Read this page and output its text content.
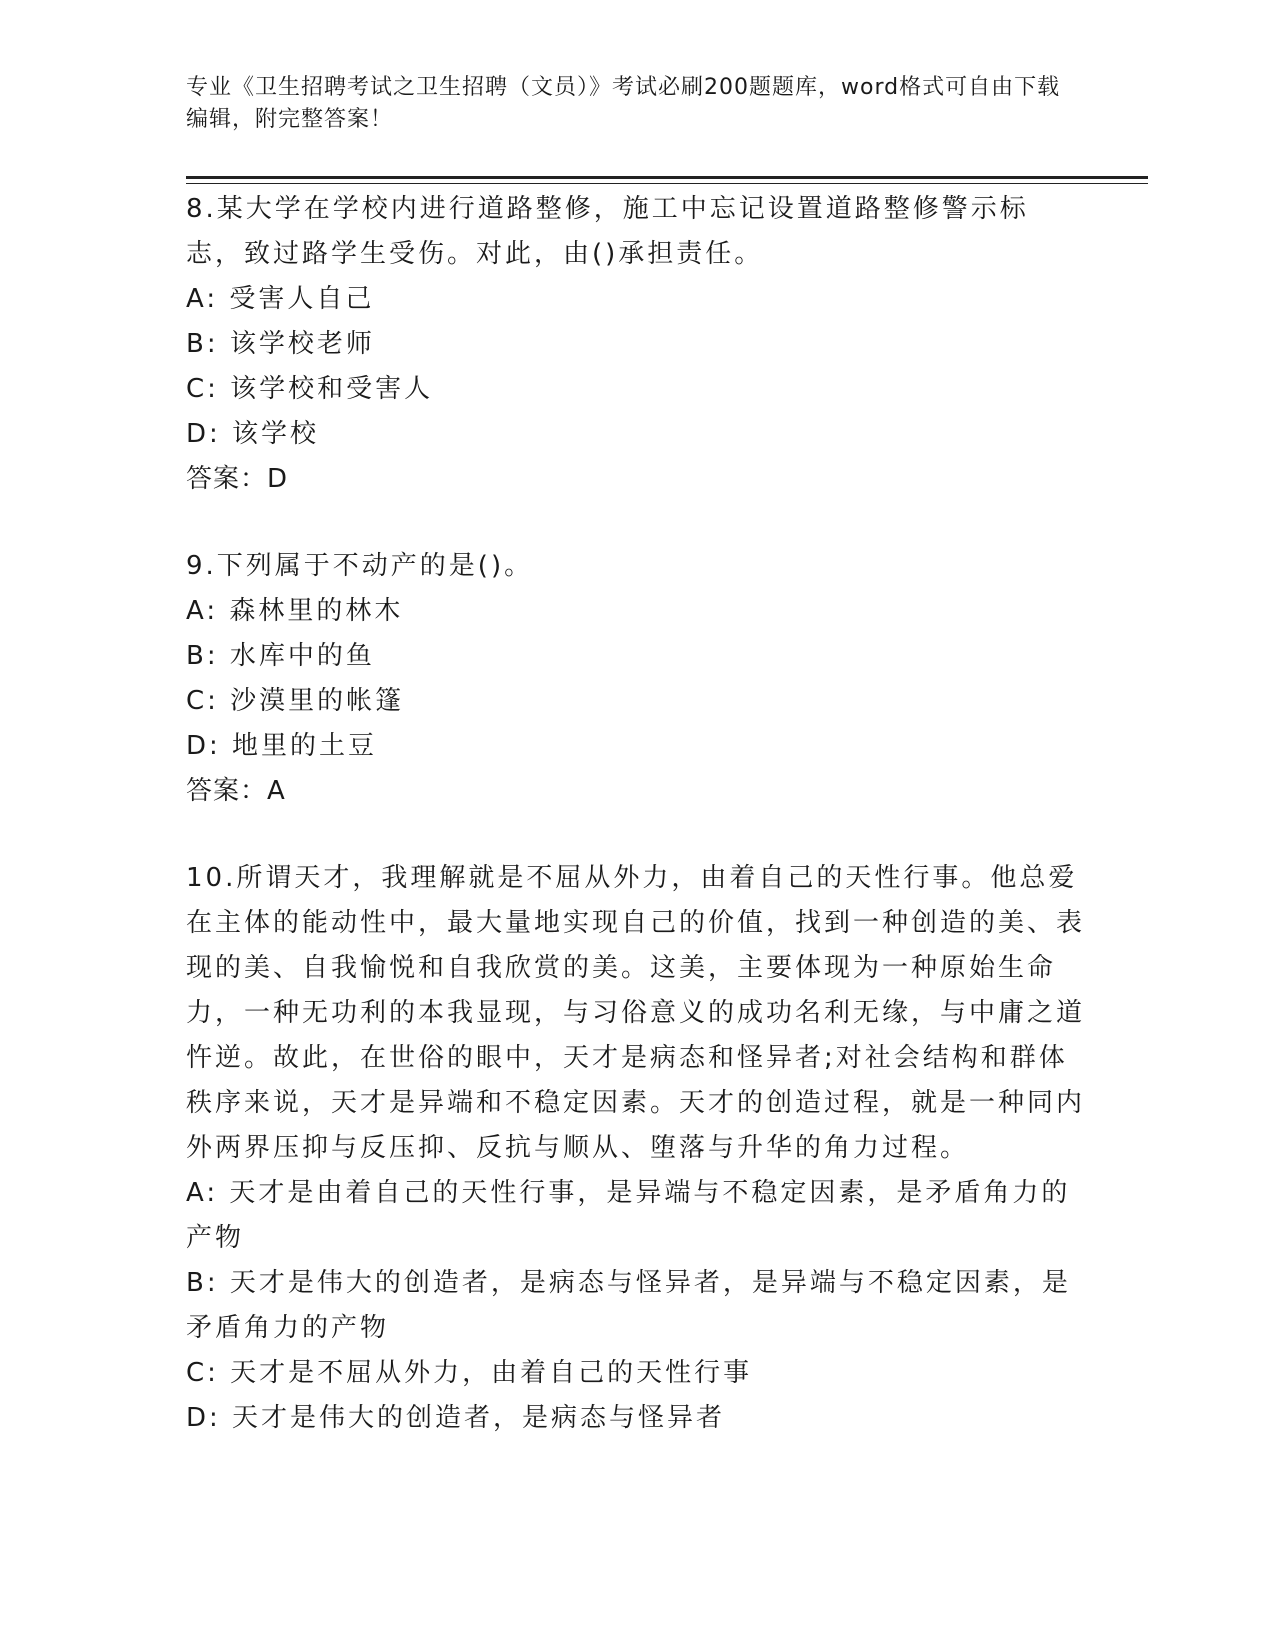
专业《卫生招聘考试之卫生招聘（文员）》考试必刷200题题库，word格式可自由下载编辑，附完整答案！

8.某大学在学校内进行道路整修，施工中忘记设置道路整修警示标志，致过路学生受伤。对此，由()承担责任。

A: 受害人自己

B: 该学校老师

C: 该学校和受害人

D: 该学校

答案：D

9.下列属于不动产的是()。

A: 森林里的林木

B: 水库中的鱼

C: 沙漠里的帐篷

D: 地里的土豆

答案：A

10.所谓天才，我理解就是不屈从外力，由着自己的天性行事。他总爱在主体的能动性中，最大量地实现自己的价值，找到一种创造的美、表现的美、自我愉悦和自我欣赏的美。这美，主要体现为一种原始生命力，一种无功利的本我显现，与习俗意义的成功名利无缘，与中庸之道忤逆。故此，在世俗的眼中，天才是病态和怪异者;对社会结构和群体秩序来说，天才是异端和不稳定因素。天才的创造过程，就是一种同内外两界压抑与反压抑、反抗与顺从、堕落与升华的角力过程。

A: 天才是由着自己的天性行事，是异端与不稳定因素，是矛盾角力的产物

B: 天才是伟大的创造者，是病态与怪异者，是异端与不稳定因素，是矛盾角力的产物

C: 天才是不屈从外力，由着自己的天性行事

D: 天才是伟大的创造者，是病态与怪异者
